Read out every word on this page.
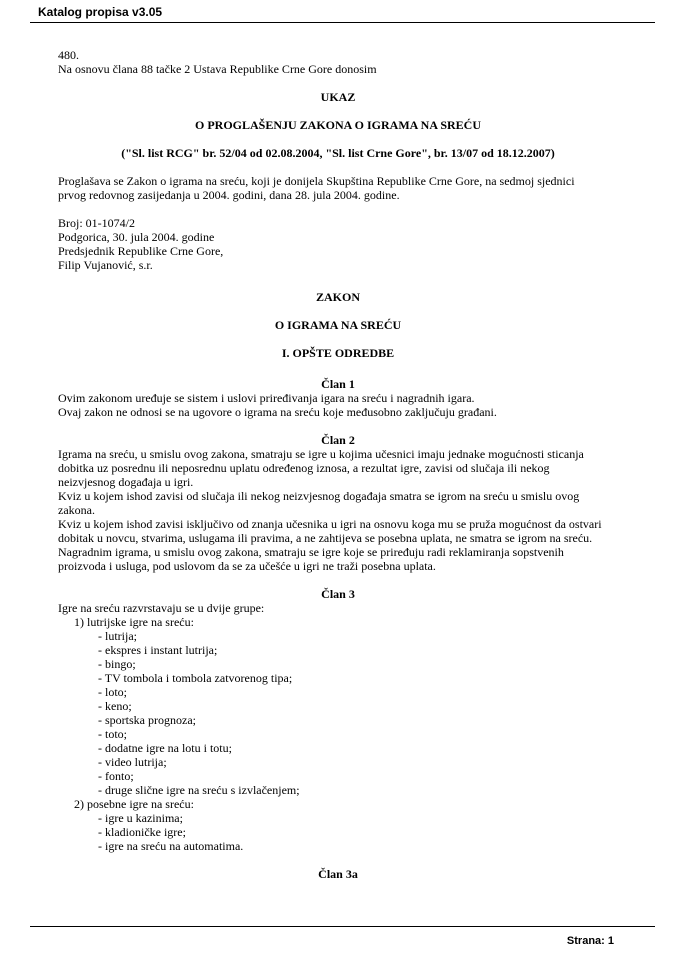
Katalog propisa v3.05

480.

Na osnovu člana 88 tačke 2 Ustava Republike Crne Gore donosim

UKAZ

O PROGLAŠENJU ZAKONA O IGRAMA NA SREĆU

("Sl. list RCG" br. 52/04 od 02.08.2004, "Sl. list Crne Gore", br. 13/07 od 18.12.2007)

Proglašava se Zakon o igrama na sreću, koji je donijela Skupština Republike Crne Gore, na sedmoj sjednici

prvog redovnog zasijedanja u 2004. godini, dana 28. jula 2004. godine.

Broj: 01-1074/2

Podgorica, 30. jula 2004. godine

Predsjednik Republike Crne Gore,

Filip Vujanović, s.r.

ZAKON

O IGRAMA NA SREĆU

I. OPŠTE ODREDBE

Član 1

Ovim zakonom uređuje se sistem i uslovi priređivanja igara na sreću i nagradnih igara.

Ovaj zakon ne odnosi se na ugovore o igrama na sreću koje međusobno zaključuju građani.

Član 2

Igrama na sreću, u smislu ovog zakona, smatraju se igre u kojima učesnici imaju jednake mogućnosti sticanja

dobitka uz posrednu ili neposrednu uplatu određenog iznosa, a rezultat igre, zavisi od slučaja ili nekog

neizvjesnog događaja u igri.

Kviz u kojem ishod zavisi od slučaja ili nekog neizvjesnog događaja smatra se igrom na sreću u smislu ovog

zakona.

Kviz u kojem ishod zavisi isključivo od znanja učesnika u igri na osnovu koga mu se pruža mogućnost da ostvari

dobitak u novcu, stvarima, uslugama ili pravima, a ne zahtijeva se posebna uplata, ne smatra se igrom na sreću.

Nagradnim igrama, u smislu ovog zakona, smatraju se igre koje se priređuju radi reklamiranja sopstvenih

proizvoda i usluga, pod uslovom da se za učešće u igri ne traži posebna uplata.

Član 3

Igre na sreću razvrstavaju se u dvije grupe:

1) lutrijske igre na sreću:

- lutrija;

- ekspres i instant lutrija;

- bingo;

- TV tombola i tombola zatvorenog tipa;

- loto;

- keno;

- sportska prognoza;

- toto;

- dodatne igre na lotu i totu;

- video lutrija;

- fonto;

- druge slične igre na sreću s izvlačenjem;

2) posebne igre na sreću:

- igre u kazinima;

- kladioničke igre;

- igre na sreću na automatima.

Član 3a

Strana: 1
